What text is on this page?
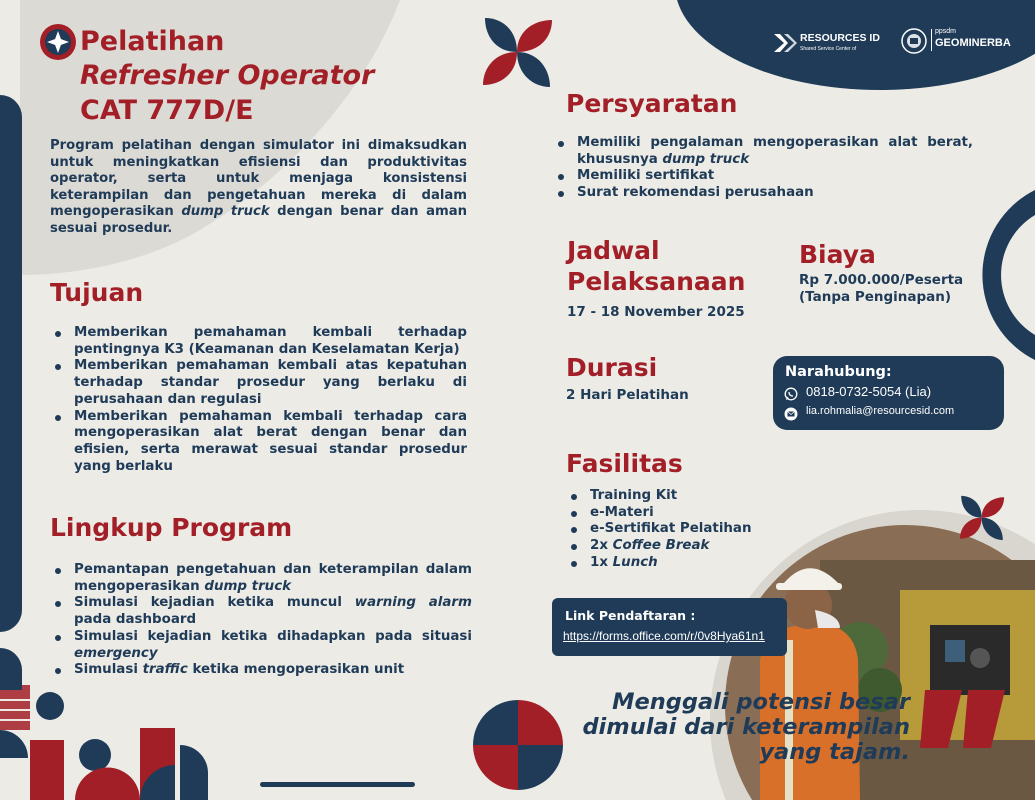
RESOURCES ID
Shared Service Center of
ppsdm
GEOMINERBA
Pelatihan
Refresher Operator
CAT 777D/E

Program pelatihan dengan simulator ini dimaksudkan untuk meningkatkan efisiensi dan produktivitas operator, serta untuk menjaga konsistensi keterampilan dan pengetahuan mereka di dalam mengoperasikan dump truck dengan benar dan aman sesuai prosedur.

Tujuan
Memberikan pemahaman kembali terhadap pentingnya K3 (Keamanan dan Keselamatan Kerja)
Memberikan pemahaman kembali atas kepatuhan terhadap standar prosedur yang berlaku di perusahaan dan regulasi
Memberikan pemahaman kembali terhadap cara mengoperasikan alat berat dengan benar dan efisien, serta merawat sesuai standar prosedur yang berlaku
Lingkup Program
Pemantapan pengetahuan dan keterampilan dalam mengoperasikan dump truck
Simulasi kejadian ketika muncul warning alarm pada dashboard
Simulasi kejadian ketika dihadapkan pada situasi emergency
Simulasi traffic ketika mengoperasikan unit
Persyaratan
Memiliki pengalaman mengoperasikan alat berat, khususnya dump truck
Memiliki sertifikat
Surat rekomendasi perusahaan
Jadwal
Pelaksanaan
17 - 18 November 2025
Biaya
Rp 7.000.000/Peserta
(Tanpa Penginapan)
Durasi
2 Hari Pelatihan
Narahubung:
0818-0732-5054 (Lia)
lia.rohmalia@resourcesid.com
Fasilitas
Training Kit
e-Materi
e-Sertifikat Pelatihan
2x Coffee Break
1x Lunch
Link Pendaftaran :
https://forms.office.com/r/0v8Hya61n1
Menggali potensi besar
dimulai dari keterampilan
yang tajam.
